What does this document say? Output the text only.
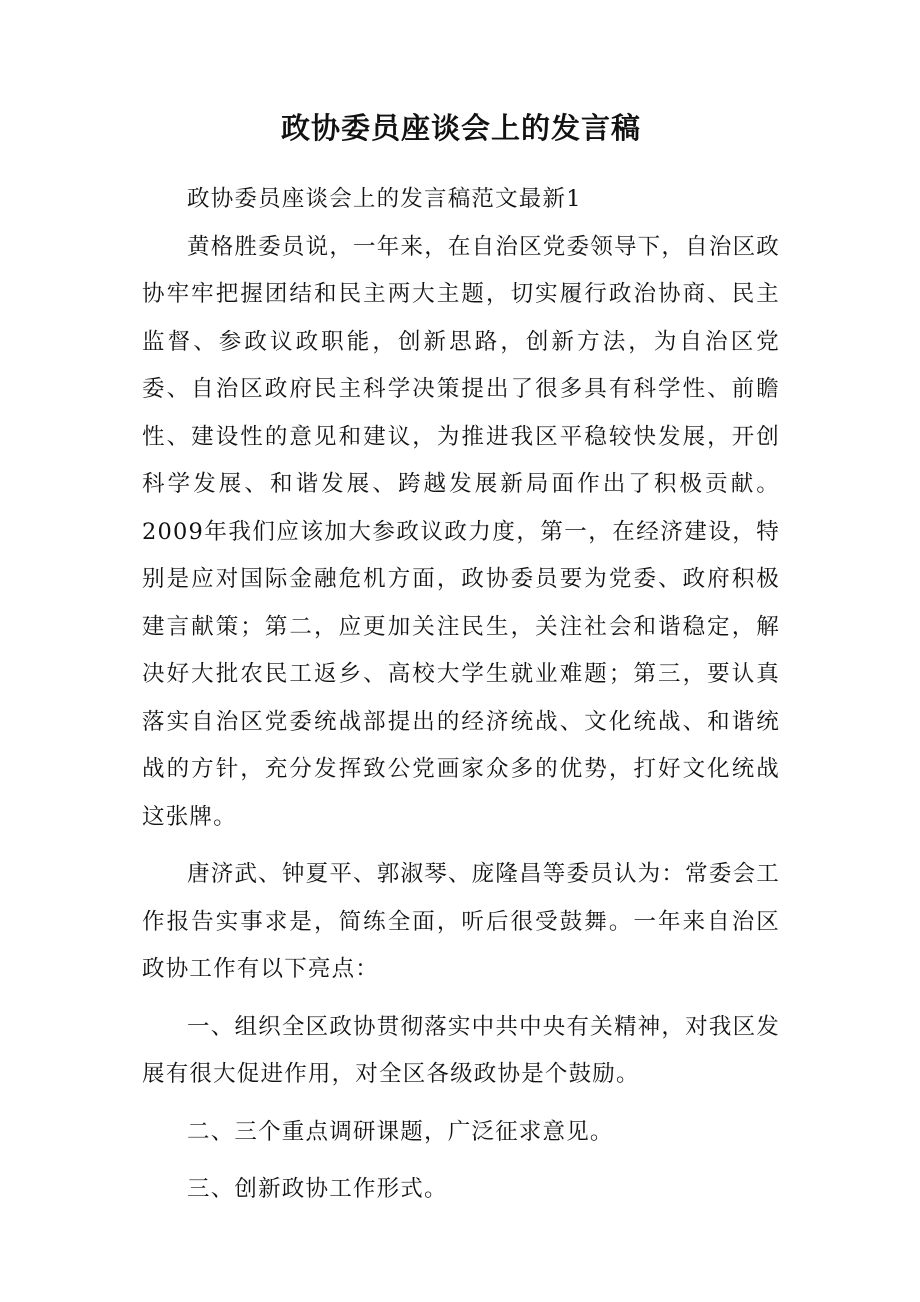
政协委员座谈会上的发言稿

政协委员座谈会上的发言稿范文最新1

黄格胜委员说，一年来，在自治区党委领导下，自治区政协牢牢把握团结和民主两大主题，切实履行政治协商、民主监督、参政议政职能，创新思路，创新方法，为自治区党委、自治区政府民主科学决策提出了很多具有科学性、前瞻性、建设性的意见和建议，为推进我区平稳较快发展，开创科学发展、和谐发展、跨越发展新局面作出了积极贡献。2009年我们应该加大参政议政力度，第一，在经济建设，特别是应对国际金融危机方面，政协委员要为党委、政府积极建言献策；第二，应更加关注民生，关注社会和谐稳定，解决好大批农民工返乡、高校大学生就业难题；第三，要认真落实自治区党委统战部提出的经济统战、文化统战、和谐统战的方针，充分发挥致公党画家众多的优势，打好文化统战这张牌。

唐济武、钟夏平、郭淑琴、庞隆昌等委员认为：常委会工作报告实事求是，简练全面，听后很受鼓舞。一年来自治区政协工作有以下亮点：

一、组织全区政协贯彻落实中共中央有关精神，对我区发展有很大促进作用，对全区各级政协是个鼓励。

二、三个重点调研课题，广泛征求意见。

三、创新政协工作形式。
